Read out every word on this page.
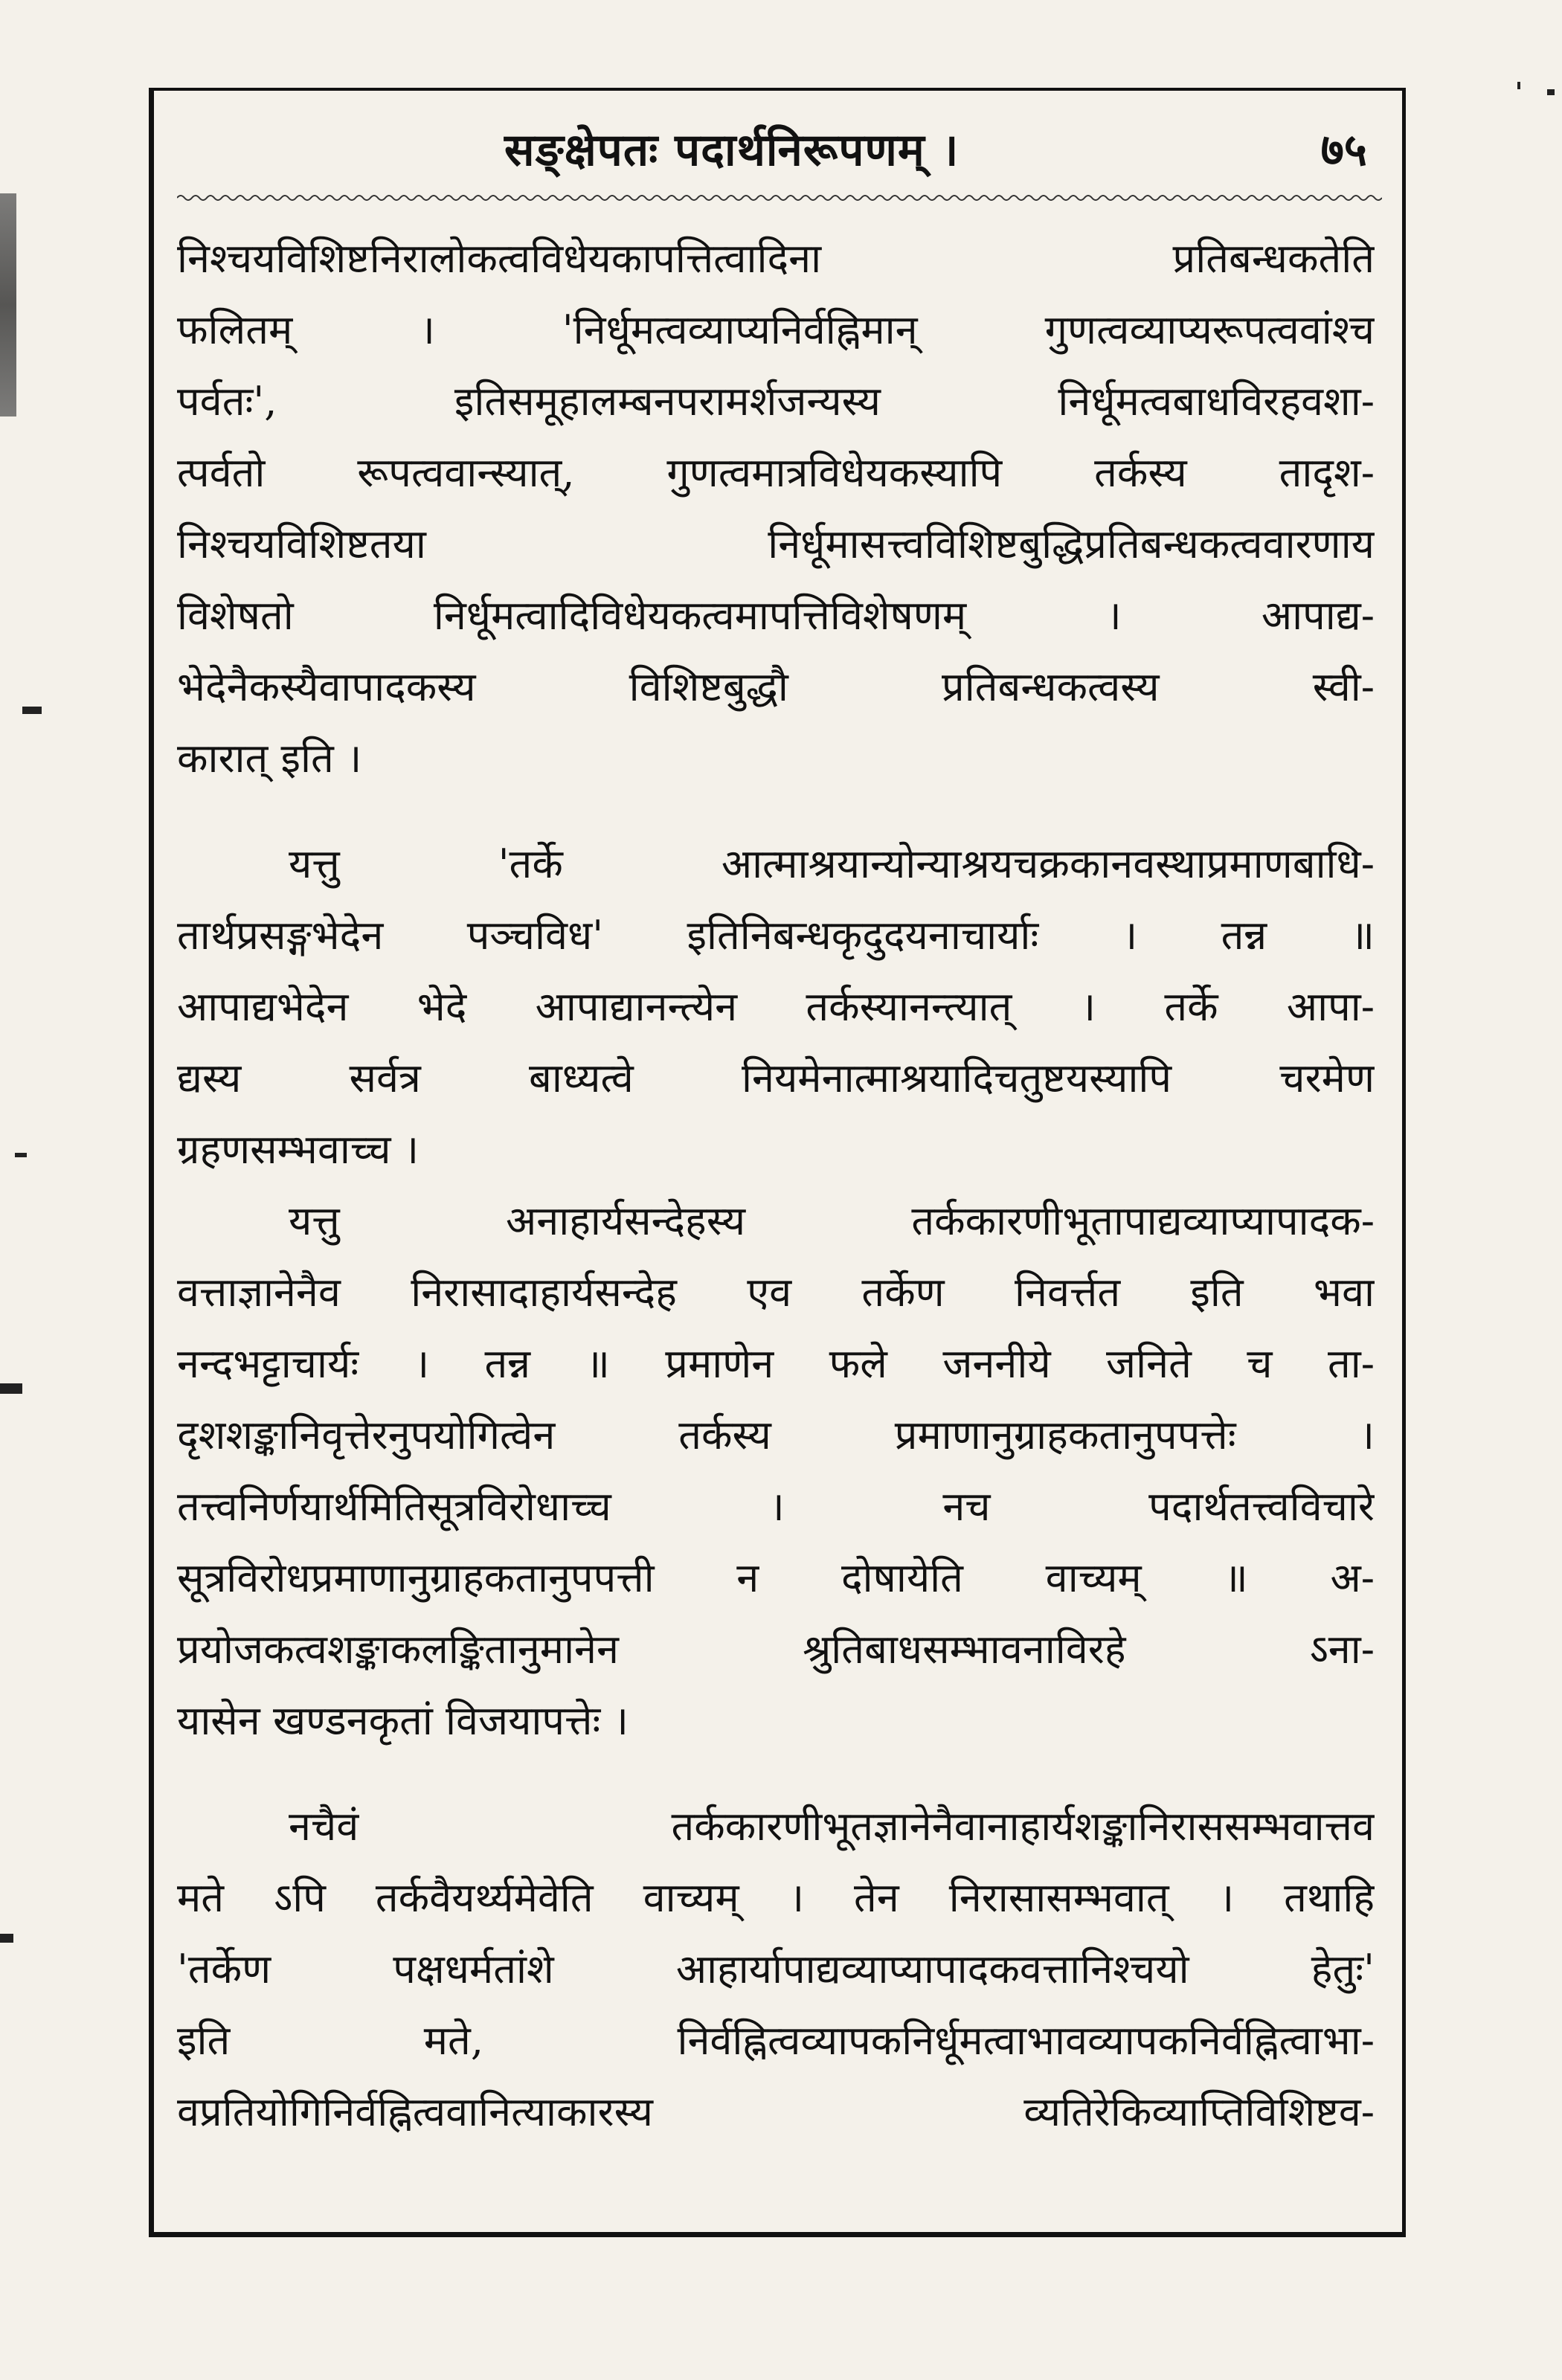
सङ्क्षेपतः पदार्थनिरूपणम् ।	७५
निश्चयविशिष्टनिरालोकत्वविधेयकापत्तित्वादिना प्रतिबन्धकतेति
फलितम् । 'निर्धूमत्वव्याप्यनिर्वह्निमान् गुणत्वव्याप्यरूपत्ववांश्च
पर्वतः', इतिसमूहालम्बनपरामर्शजन्यस्य निर्धूमत्वबाधविरहवशा-
त्पर्वतो रूपत्ववान्स्यात्, गुणत्वमात्रविधेयकस्यापि तर्कस्य तादृश-
निश्चयविशिष्टतया निर्धूमासत्त्वविशिष्टबुद्धिप्रतिबन्धकत्ववारणाय
विशेषतो निर्धूमत्वादिविधेयकत्वमापत्तिविशेषणम् । आपाद्य-
भेदेनैकस्यैवापादकस्य विशिष्टबुद्धौ प्रतिबन्धकत्वस्य स्वी-
कारात् इति ।
यत्तु 'तर्के आत्माश्रयान्योन्याश्रयचक्रकानवस्थाप्रमाणबाधि-
तार्थप्रसङ्गभेदेन पञ्चविध' इतिनिबन्धकृदुदयनाचार्याः । तन्न ॥
आपाद्यभेदेन भेदे आपाद्यानन्त्येन तर्कस्यानन्त्यात् । तर्के आपा-
द्यस्य सर्वत्र बाध्यत्वे नियमेनात्माश्रयादिचतुष्टयस्यापि चरमेण
ग्रहणसम्भवाच्च ।
यत्तु अनाहार्यसन्देहस्य तर्ककारणीभूतापाद्यव्याप्यापादक-
वत्ताज्ञानेनैव निरासादाहार्यसन्देह एव तर्केण निवर्त्तत इति भवा
नन्दभट्टाचार्यः । तन्न ॥ प्रमाणेन फले जननीये जनिते च ता-
दृशशङ्कानिवृत्तेरनुपयोगित्वेन तर्कस्य प्रमाणानुग्राहकतानुपपत्तेः ।
तत्त्वनिर्णयार्थमितिसूत्रविरोधाच्च । नच पदार्थतत्त्वविचारे
सूत्रविरोधप्रमाणानुग्राहकतानुपपत्ती न दोषायेति वाच्यम् ॥ अ-
प्रयोजकत्वशङ्काकलङ्कितानुमानेन श्रुतिबाधसम्भावनाविरहे ऽना-
यासेन खण्डनकृतां विजयापत्तेः ।
नचैवं तर्ककारणीभूतज्ञानेनैवानाहार्यशङ्कानिराससम्भवात्तव
मते ऽपि तर्कवैयर्थ्यमेवेति वाच्यम् । तेन निरासासम्भवात् । तथाहि
'तर्केण पक्षधर्मतांशे आहार्यापाद्यव्याप्यापादकवत्तानिश्चयो हेतुः'
इति मते, निर्वह्नित्वव्यापकनिर्धूमत्वाभावव्यापकनिर्वह्नित्वाभा-
वप्रतियोगिनिर्वह्नित्ववानित्याकारस्य व्यतिरेकिव्याप्तिविशिष्टव-
